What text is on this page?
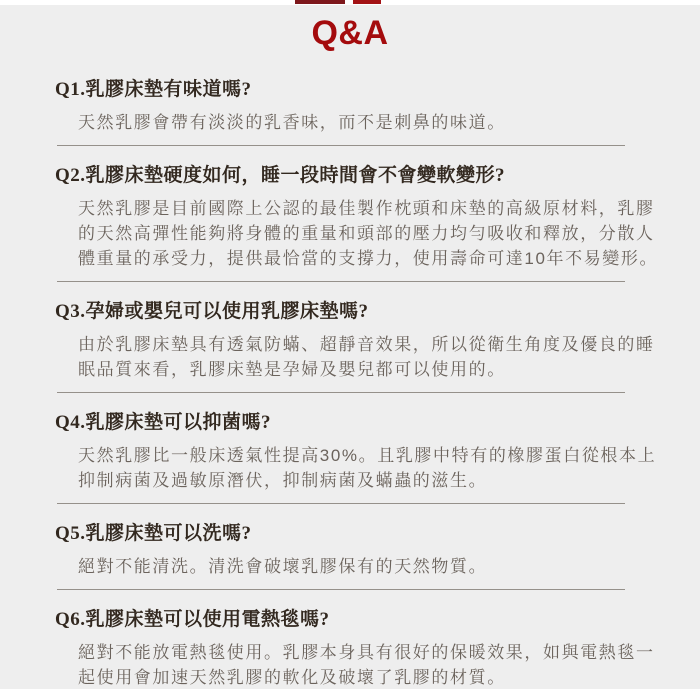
Q&A
Q1.乳膠床墊有味道嗎?
天然乳膠會帶有淡淡的乳香味，而不是刺鼻的味道。
Q2.乳膠床墊硬度如何，睡一段時間會不會變軟變形?
天然乳膠是目前國際上公認的最佳製作枕頭和床墊的高級原材料，乳膠
的天然高彈性能夠將身體的重量和頭部的壓力均勻吸收和釋放，分散人
體重量的承受力，提供最恰當的支撐力，使用壽命可達10年不易變形。
Q3.孕婦或嬰兒可以使用乳膠床墊嗎?
由於乳膠床墊具有透氣防蟎、超靜音效果，所以從衛生角度及優良的睡
眠品質來看，乳膠床墊是孕婦及嬰兒都可以使用的。
Q4.乳膠床墊可以抑菌嗎?
天然乳膠比一般床透氣性提高30%。且乳膠中特有的橡膠蛋白從根本上
抑制病菌及過敏原潛伏，抑制病菌及蟎蟲的滋生。
Q5.乳膠床墊可以洗嗎?
絕對不能清洗。清洗會破壞乳膠保有的天然物質。
Q6.乳膠床墊可以使用電熱毯嗎?
絕對不能放電熱毯使用。乳膠本身具有很好的保暖效果，如與電熱毯一
起使用會加速天然乳膠的軟化及破壞了乳膠的材質。
